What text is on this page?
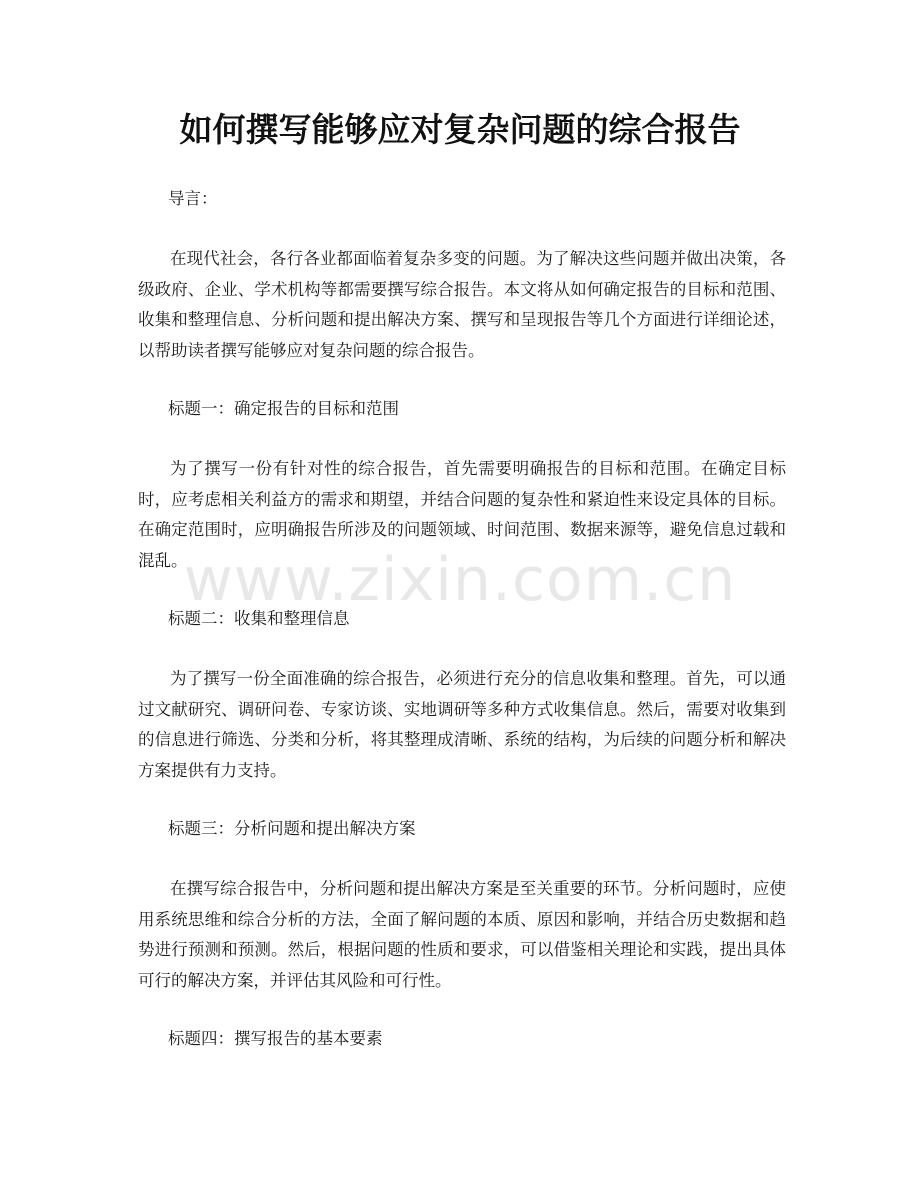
如何撰写能够应对复杂问题的综合报告

导言：

在现代社会，各行各业都面临着复杂多变的问题。为了解决这些问题并做出决策，各级政府、企业、学术机构等都需要撰写综合报告。本文将从如何确定报告的目标和范围、收集和整理信息、分析问题和提出解决方案、撰写和呈现报告等几个方面进行详细论述，以帮助读者撰写能够应对复杂问题的综合报告。

标题一：确定报告的目标和范围

为了撰写一份有针对性的综合报告，首先需要明确报告的目标和范围。在确定目标时，应考虑相关利益方的需求和期望，并结合问题的复杂性和紧迫性来设定具体的目标。在确定范围时，应明确报告所涉及的问题领域、时间范围、数据来源等，避免信息过载和混乱。

标题二：收集和整理信息

为了撰写一份全面准确的综合报告，必须进行充分的信息收集和整理。首先，可以通过文献研究、调研问卷、专家访谈、实地调研等多种方式收集信息。然后，需要对收集到的信息进行筛选、分类和分析，将其整理成清晰、系统的结构，为后续的问题分析和解决方案提供有力支持。

标题三：分析问题和提出解决方案

在撰写综合报告中，分析问题和提出解决方案是至关重要的环节。分析问题时，应使用系统思维和综合分析的方法，全面了解问题的本质、原因和影响，并结合历史数据和趋势进行预测和预测。然后，根据问题的性质和要求，可以借鉴相关理论和实践，提出具体可行的解决方案，并评估其风险和可行性。

标题四：撰写报告的基本要素

www.zixin.com.cn
